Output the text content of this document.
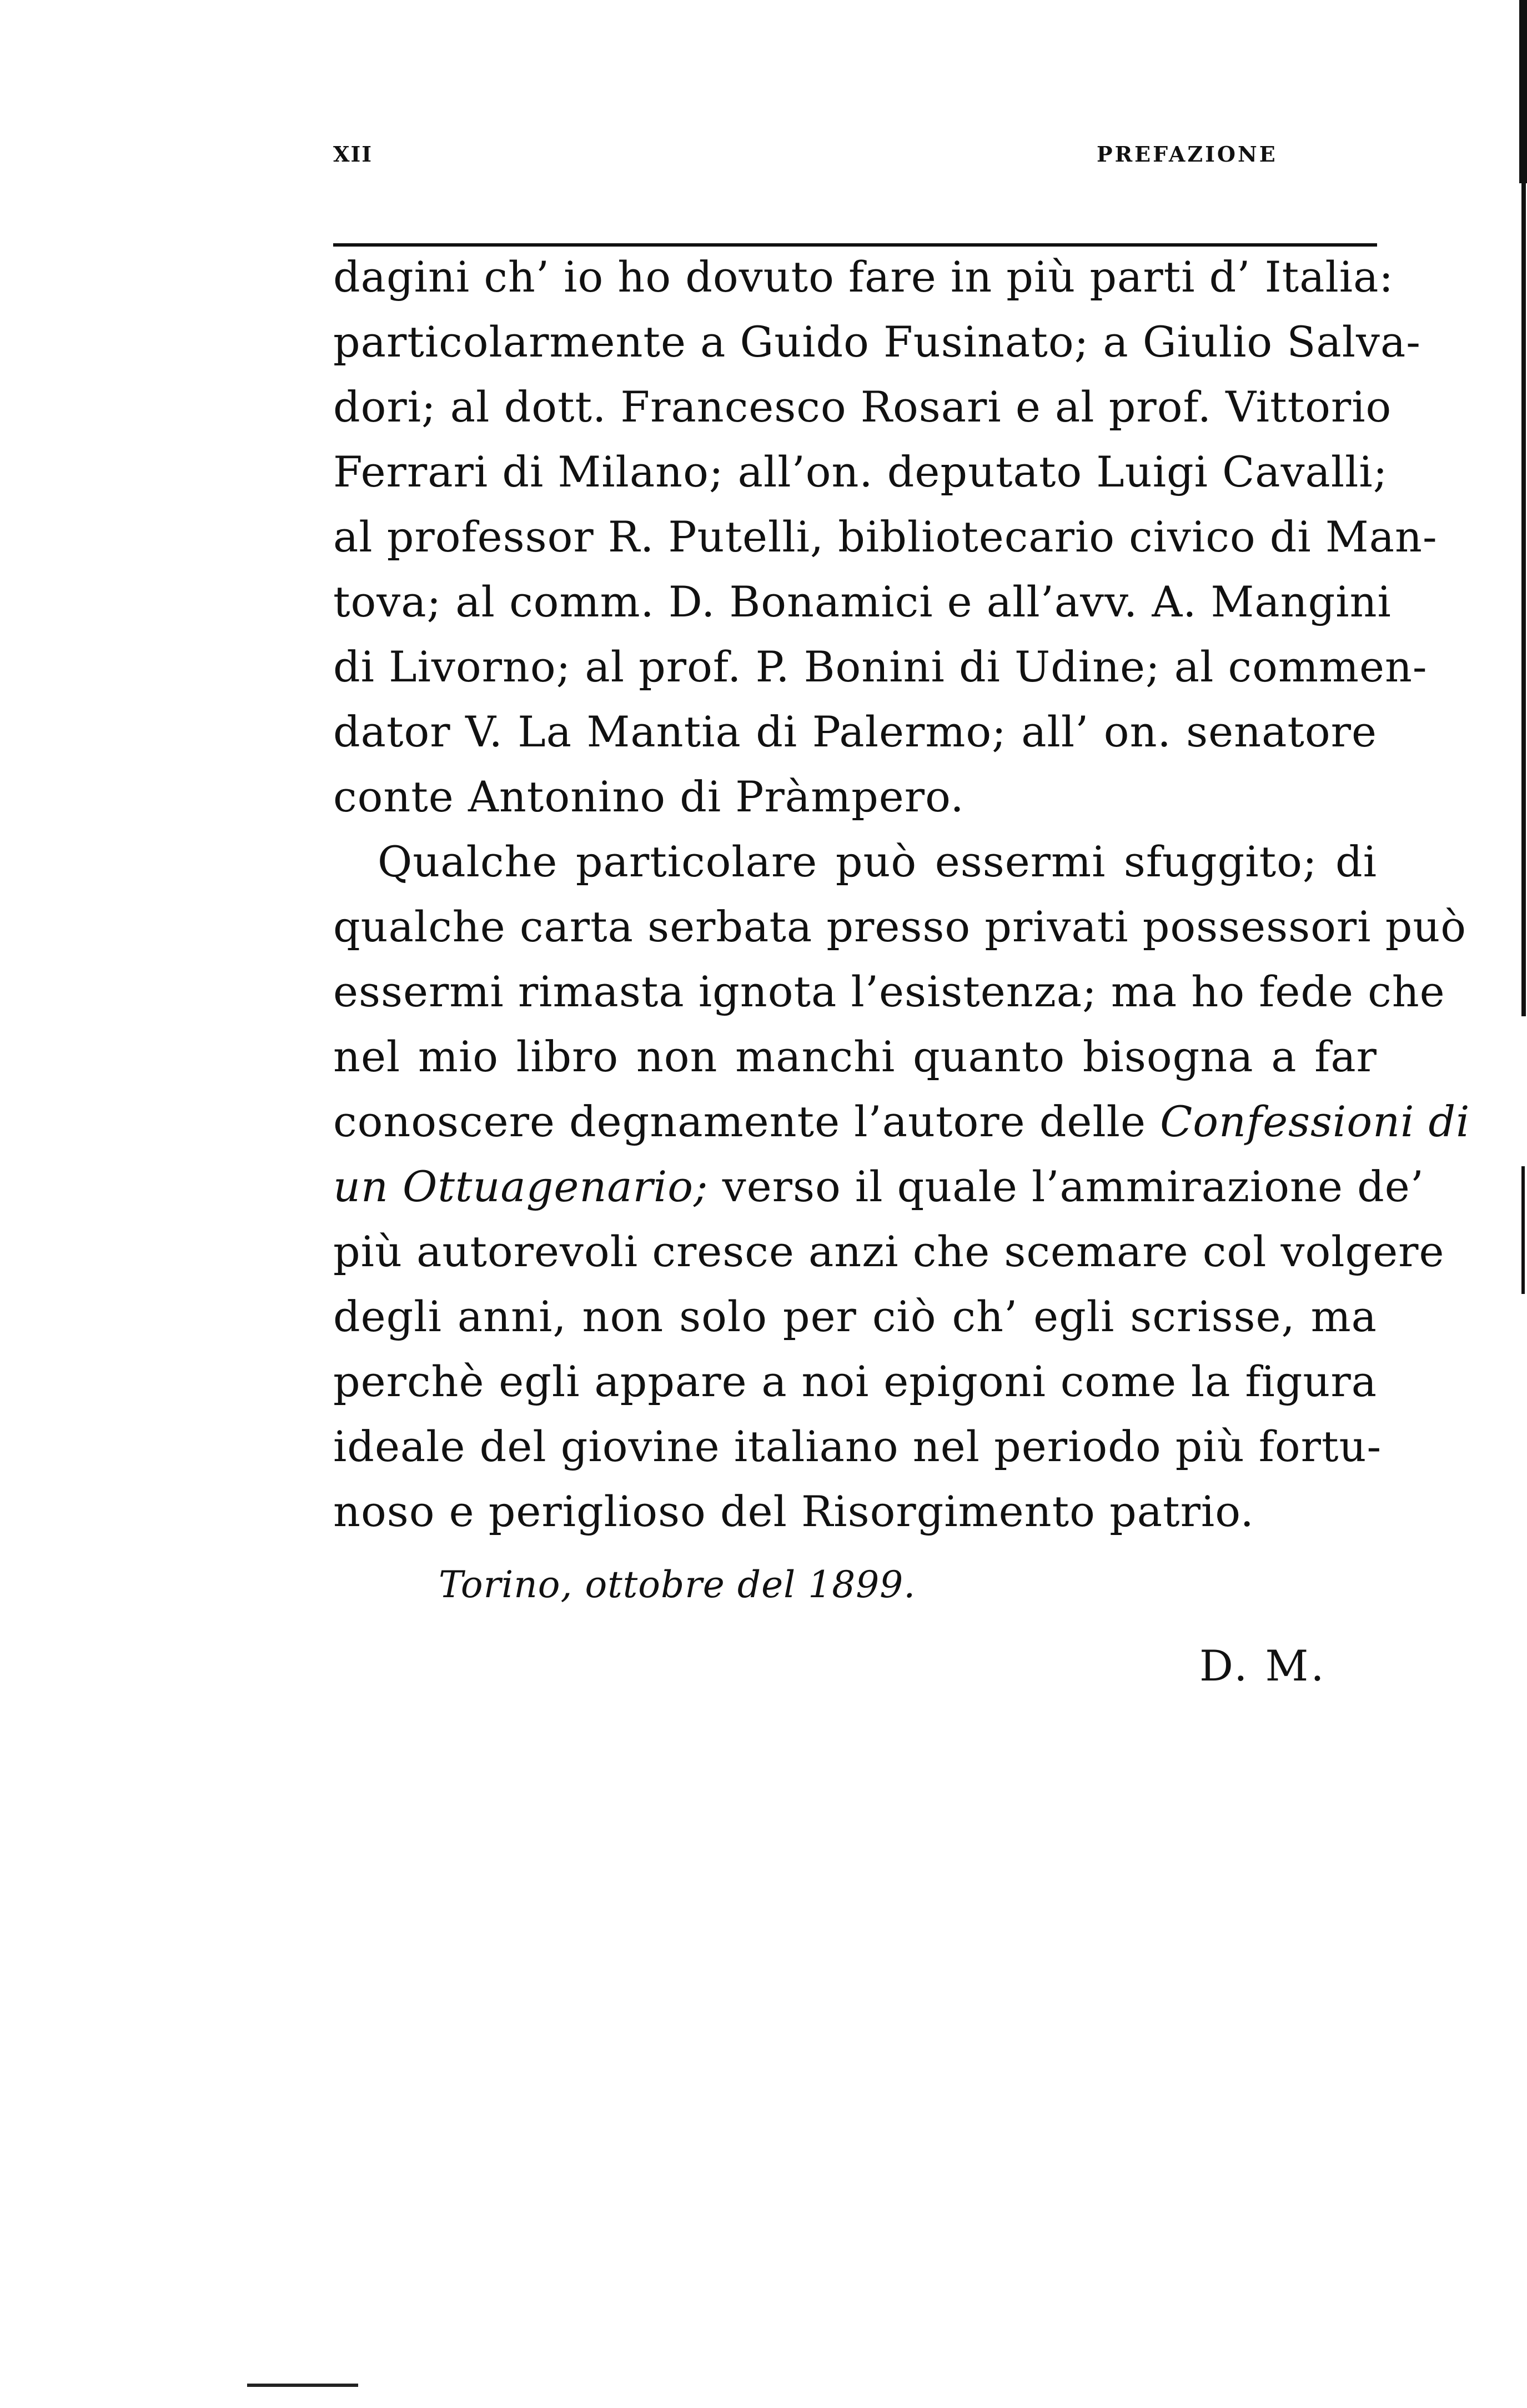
XII	PREFAZIONE
dagini ch’ io ho dovuto fare in più parti d’ Italia:
particolarmente a Guido Fusinato; a Giulio Salva-
dori; al dott. Francesco Rosari e al prof. Vittorio
Ferrari di Milano; all’on. deputato Luigi Cavalli;
al professor R. Putelli, bibliotecario civico di Man-
tova; al comm. D. Bonamici e all’avv. A. Mangini
di Livorno; al prof. P. Bonini di Udine; al commen-
dator V. La Mantia di Palermo; all’ on. senatore
conte Antonino di Pràmpero.
Qualche particolare può essermi sfuggito; di
qualche carta serbata presso privati possessori può
essermi rimasta ignota l’esistenza; ma ho fede che
nel mio libro non manchi quanto bisogna a far
conoscere degnamente l’autore delle Confessioni di
un Ottuagenario; verso il quale l’ammirazione de’
più autorevoli cresce anzi che scemare col volgere
degli anni, non solo per ciò ch’ egli scrisse, ma
perchè egli appare a noi epigoni come la figura
ideale del giovine italiano nel periodo più fortu-
noso e periglioso del Risorgimento patrio.
Torino, ottobre del 1899.
D. M.
